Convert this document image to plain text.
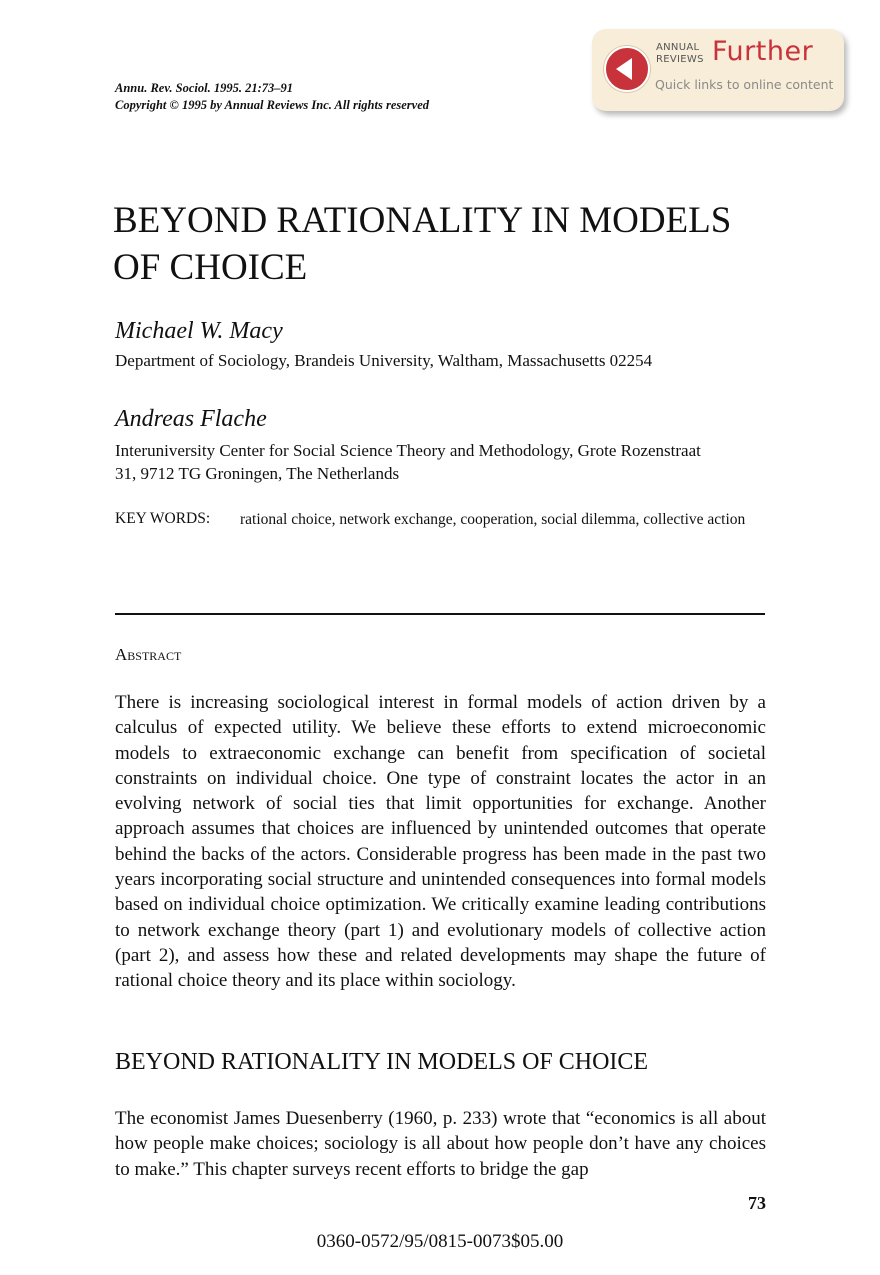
Annu. Rev. Sociol. 1995. 21:73–91
Copyright © 1995 by Annual Reviews Inc. All rights reserved
ANNUAL
REVIEWS Further
Quick links to online content
BEYOND RATIONALITY IN MODELS OF CHOICE
Michael W. Macy
Department of Sociology, Brandeis University, Waltham, Massachusetts 02254
Andreas Flache
Interuniversity Center for Social Science Theory and Methodology, Grote Rozenstraat 31, 9712 TG Groningen, The Netherlands
KEY WORDS: rational choice, network exchange, cooperation, social dilemma, collective action
Abstract

There is increasing sociological interest in formal models of action driven by a calculus of expected utility. We believe these efforts to extend microeconomic models to extraeconomic exchange can benefit from specification of societal constraints on individual choice. One type of constraint locates the actor in an evolving network of social ties that limit opportunities for exchange. Another approach assumes that choices are influenced by unintended outcomes that operate behind the backs of the actors. Considerable progress has been made in the past two years incorporating social structure and unintended consequences into formal models based on individual choice optimization. We critically examine leading contributions to network exchange theory (part 1) and evolutionary models of collective action (part 2), and assess how these and related developments may shape the future of rational choice theory and its place within sociology.

BEYOND RATIONALITY IN MODELS OF CHOICE

The economist James Duesenberry (1960, p. 233) wrote that “economics is all about how people make choices; sociology is all about how people don’t have any choices to make.” This chapter surveys recent efforts to bridge the gap

73
0360-0572/95/0815-0073$05.00
